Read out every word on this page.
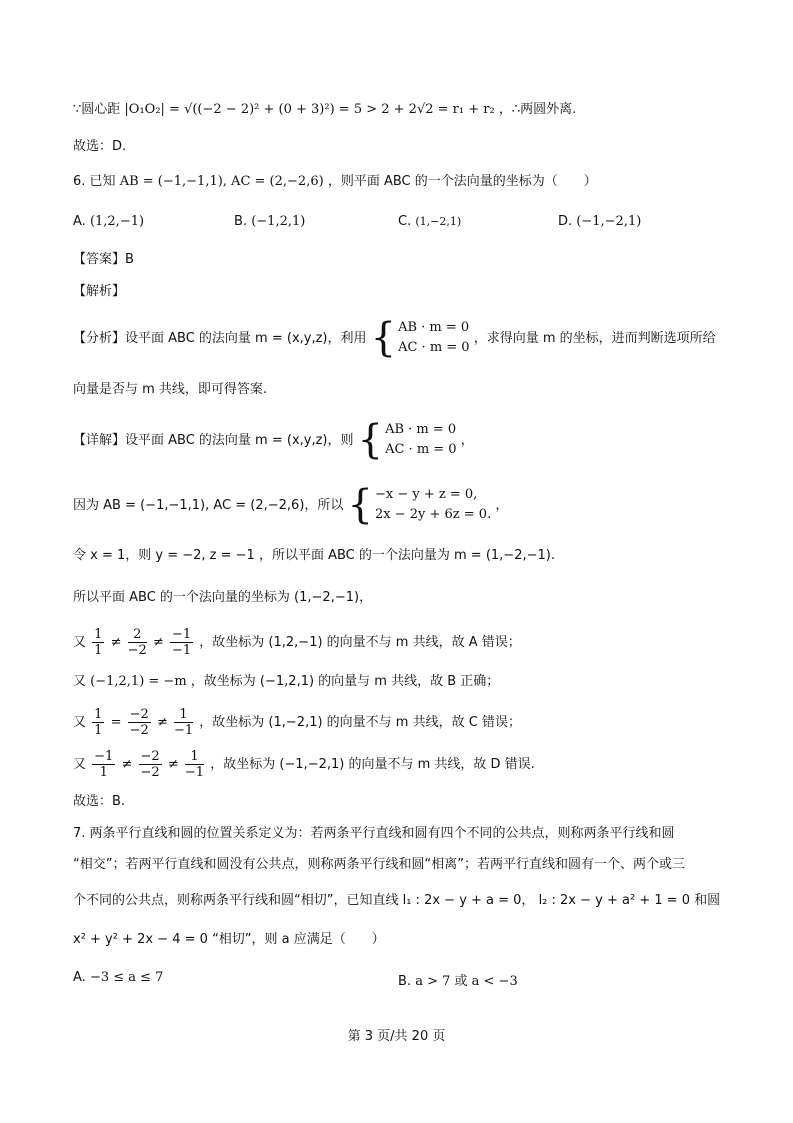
∵圆心距 |O₁O₂| = √((−2 − 2)² + (0 + 3)²) = 5 > 2 + 2√2 = r₁ + r₂ ，∴两圆外离.
故选：D.
6. 已知 AB = (−1,−1,1), AC = (2,−2,6) ，则平面 ABC 的一个法向量的坐标为（　　）
A. (1,2,−1)	B. (−1,2,1)	C. (1,−2,1)	D. (−1,−2,1)
【答案】B
【解析】
【分析】设平面 ABC 的法向量 m = (x,y,z)，利用 { AB · m = 0
AC · m = 0
，求得向量 m 的坐标，进而判断选项所给
向量是否与 m 共线，即可得答案.
【详解】设平面 ABC 的法向量 m = (x,y,z)，则 { AB · m = 0
AC · m = 0
，
因为 AB = (−1,−1,1), AC = (2,−2,6)，所以 { −x − y + z = 0,
2x − 2y + 6z = 0.
，
令 x = 1，则 y = −2, z = −1 ，所以平面 ABC 的一个法向量为 m = (1,−2,−1).
所以平面 ABC 的一个法向量的坐标为 (1,−2,−1)，
又 $\frac{1}{1} \ne \frac{2}{-2} \ne \frac{-1}{-1}$ ，故坐标为 (1,2,−1) 的向量不与 m 共线，故 A 错误；
又 (−1,2,1) = −m ，故坐标为 (−1,2,1) 的向量与 m 共线，故 B 正确；
又 $\frac{1}{1} = \frac{-2}{-2} \ne \frac{1}{-1}$ ，故坐标为 (1,−2,1) 的向量不与 m 共线，故 C 错误；
又 $\frac{-1}{1} \ne \frac{-2}{-2} \ne \frac{1}{-1}$ ，故坐标为 (−1,−2,1) 的向量不与 m 共线，故 D 错误.
故选：B.
7. 两条平行直线和圆的位置关系定义为：若两条平行直线和圆有四个不同的公共点，则称两条平行线和圆
“相交”；若两平行直线和圆没有公共点，则称两条平行线和圆“相离”；若两平行直线和圆有一个、两个或三
个不同的公共点，则称两条平行线和圆“相切”，已知直线 l₁ : 2x − y + a = 0， l₂ : 2x − y + a² + 1 = 0 和圆
x² + y² + 2x − 4 = 0 “相切”，则 a 应满足（　　）
A. −3 ≤ a ≤ 7	B. a > 7 或 a < −3
第 3 页/共 20 页
